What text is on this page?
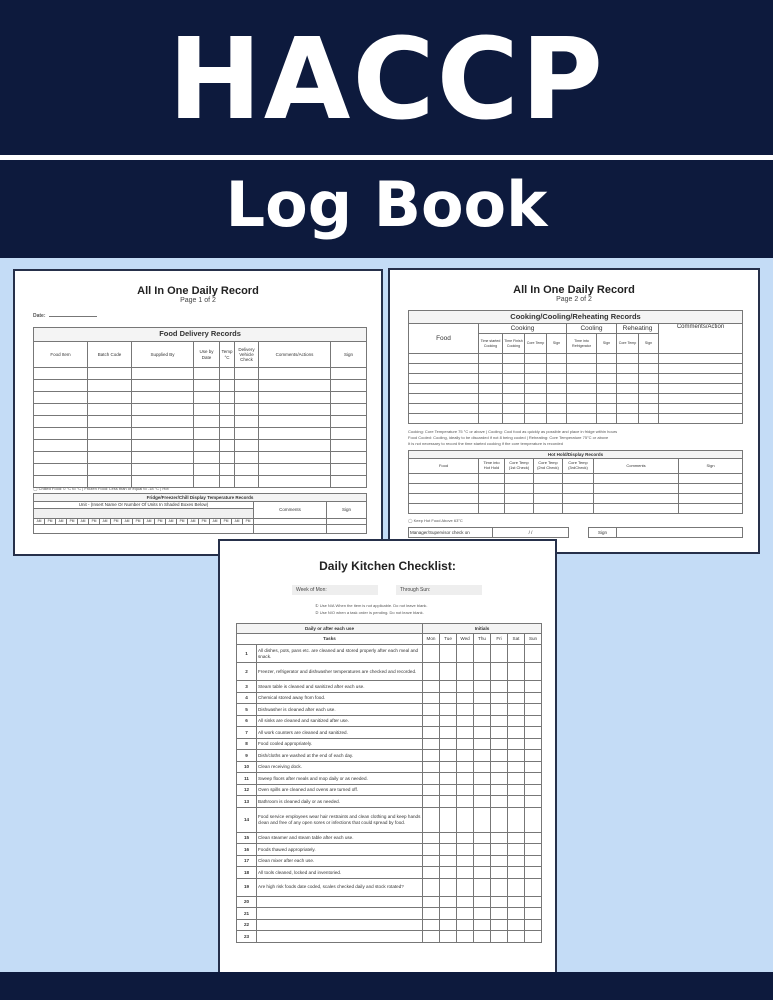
HACCP
Log Book
All In One Daily Record
Page 1 of 2
Date:
Food Delivery Records							
Food Item	Batch Code	Supplied By	Use by Date	Temp °C	Delivery Vehicle Check	Comments/Actions	Sign

◯ Chilled Food: 0 °C to °C | Frozen Food: Less than or equal to -18 °C | Hot
Fridge/Freezer/Chill Display Temperature Records																					
Unit - (Insert Name Or Number Of Units In Shaded Boxes Below)																				Comments	Sign

AM	PM	AM	PM	AM	PM	AM	PM	AM	PM	AM	PM	AM	PM	AM	PM	AM	PM	AM	PM		

All In One Daily Record
Page 2 of 2
Cooking/Cooling/Reheating Records									
Food	Cooking				Cooling		Reheating		Comments/Action
	Time started Cooking	Time Finish Cooking	Core Temp	Sign	Time into Refrigerator	Sign	Core Temp	Sign	

Cooking: Core Temperature 75 °C or above | Cooling: Cool food as quickly as possible and place in fridge within hours
Food Cooled: Cooling, ideally to be discarded if not 8 being cooled | Reheating: Core Temperature 75°C or above
It is not necessary to record the time started cooking if the core temperature is recorded
Hot Hold/Display Records						
Food	Time into Hot Hold	Core Temp (1st Check)	Core Temp (2nd Check)	Core Temp (3rdCheck)	Comments	Sign

◯ Keep Hot Food Above 63°C
Manager/Supervisor check on	/ /		Sign	
Daily Kitchen Checklist:
Week of Mon:	Through Sun:
① Use N/A When the item is not applicable. Do not leave blank.
② Use N/O when a task order is pending. Do not leave blank.
Daily or after each use		Initials						
Tasks		Mon	Tue	Wed	Thu	Fri	Sat	Sun
1	All dishes, pots, pans etc. are cleaned and stored properly after each meal and snack.							
2	Freezer, refrigerator and dishwasher temperatures are checked and recorded.							
3	Steam table is cleaned and sanitized after each use.							
4	Chemical stored away from food.							
5	Dishwasher is cleaned after each use.							
6	All sinks are cleaned and sanitized after use.							
7	All work counters are cleaned and sanitized.							
8	Food cooled appropriately.							
9	Dish/cloths are washed at the end of each day.							
10	Clean receiving dock.							
11	Sweep floors after meals and mop daily or as needed.							
12	Oven spills are cleaned and ovens are turned off.							
13	Bathroom is cleaned daily or as needed.							
14	Food service employees wear hair restraints and clean clothing and keep hands clean and free of any open sores or infections that could spread by food.							
15	Clean steamer and steam table after each use.							
16	Foods thawed appropriately.							
17	Clean mixer after each use.							
18	All tools cleaned, locked and inventoried.							
19	Are high risk foods date coded, scales checked daily and stock rotated?							
20								
21								
22								
23								
